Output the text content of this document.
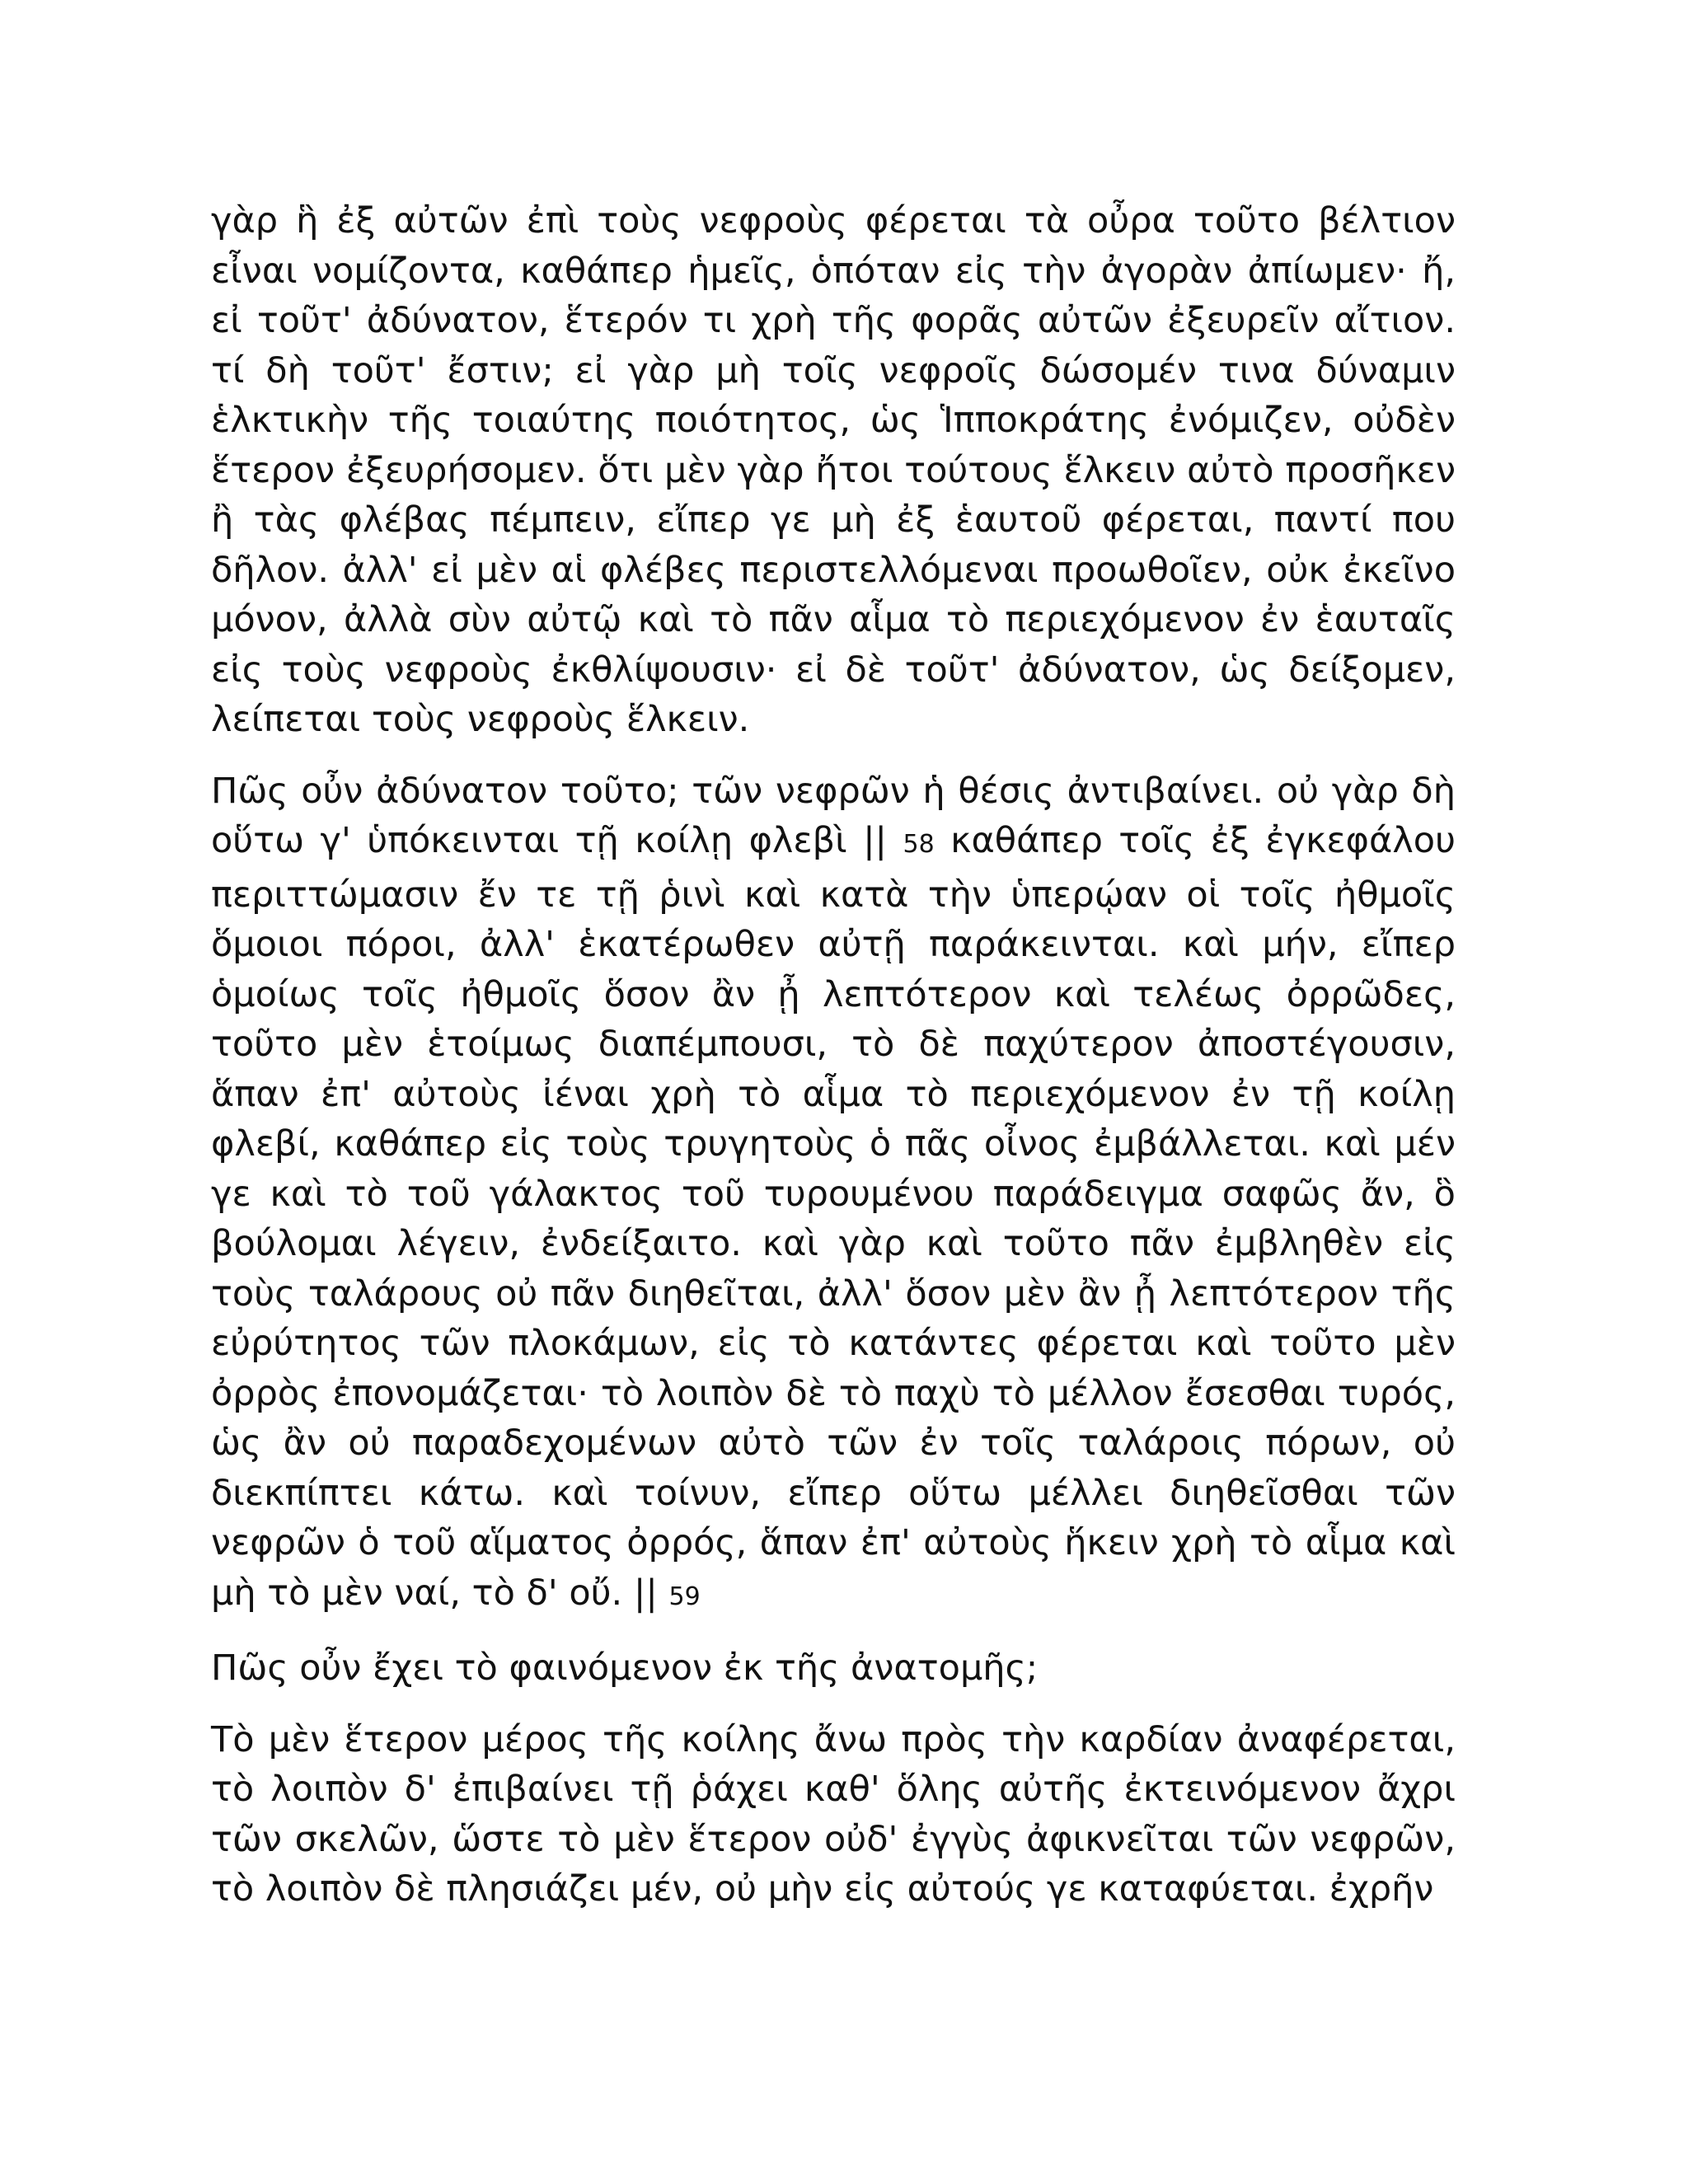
γὰρ ἣ ἐξ αὐτῶν ἐπὶ τοὺς νεφροὺς φέρεται τὰ οὖρα τοῦτο βέλτιον εἶναι νομίζοντα, καθάπερ ἡμεῖς, ὁπόταν εἰς τὴν ἀγορὰν ἀπίωμεν· ἤ, εἰ τοῦτ' ἀδύνατον, ἕτερόν τι χρὴ τῆς φορᾶς αὐτῶν ἐξευρεῖν αἴτιον. τί δὴ τοῦτ' ἔστιν; εἰ γὰρ μὴ τοῖς νεφροῖς δώσομέν τινα δύναμιν ἑλκτικὴν τῆς τοιαύτης ποιότητος, ὡς Ἱπποκράτης ἐνόμιζεν, οὐδὲν ἕτερον ἐξευρήσομεν. ὅτι μὲν γὰρ ἤτοι τούτους ἕλκειν αὐτὸ προσῆκεν ἢ τὰς φλέβας πέμπειν, εἴπερ γε μὴ ἐξ ἑαυτοῦ φέρεται, παντί που δῆλον. ἀλλ' εἰ μὲν αἱ φλέβες περιστελλόμεναι προωθοῖεν, οὐκ ἐκεῖνο μόνον, ἀλλὰ σὺν αὐτῷ καὶ τὸ πᾶν αἷμα τὸ περιεχόμενον ἐν ἑαυταῖς εἰς τοὺς νεφροὺς ἐκθλίψουσιν· εἰ δὲ τοῦτ' ἀδύνατον, ὡς δείξομεν, λείπεται τοὺς νεφροὺς ἕλκειν.

Πῶς οὖν ἀδύνατον τοῦτο; τῶν νεφρῶν ἡ θέσις ἀντιβαίνει. οὐ γὰρ δὴ οὕτω γ' ὑπόκεινται τῇ κοίλῃ φλεβὶ || 58 καθάπερ τοῖς ἐξ ἐγκεφάλου περιττώμασιν ἔν τε τῇ ῥινὶ καὶ κατὰ τὴν ὑπερῴαν οἱ τοῖς ἠθμοῖς ὅμοιοι πόροι, ἀλλ' ἑκατέρωθεν αὐτῇ παράκεινται. καὶ μήν, εἴπερ ὁμοίως τοῖς ἠθμοῖς ὅσον ἂν ᾖ λεπτότερον καὶ τελέως ὀρρῶδες, τοῦτο μὲν ἑτοίμως διαπέμπουσι, τὸ δὲ παχύτερον ἀποστέγουσιν, ἅπαν ἐπ' αὐτοὺς ἰέναι χρὴ τὸ αἷμα τὸ περιεχόμενον ἐν τῇ κοίλῃ φλεβί, καθάπερ εἰς τοὺς τρυγητοὺς ὁ πᾶς οἶνος ἐμβάλλεται. καὶ μέν γε καὶ τὸ τοῦ γάλακτος τοῦ τυρουμένου παράδειγμα σαφῶς ἄν, ὃ βούλομαι λέγειν, ἐνδείξαιτο. καὶ γὰρ καὶ τοῦτο πᾶν ἐμβληθὲν εἰς τοὺς ταλάρους οὐ πᾶν διηθεῖται, ἀλλ' ὅσον μὲν ἂν ᾖ λεπτότερον τῆς εὐρύτητος τῶν πλοκάμων, εἰς τὸ κατάντες φέρεται καὶ τοῦτο μὲν ὀρρὸς ἐπονομάζεται· τὸ λοιπὸν δὲ τὸ παχὺ τὸ μέλλον ἔσεσθαι τυρός, ὡς ἂν οὐ παραδεχομένων αὐτὸ τῶν ἐν τοῖς ταλάροις πόρων, οὐ διεκπίπτει κάτω. καὶ τοίνυν, εἴπερ οὕτω μέλλει διηθεῖσθαι τῶν νεφρῶν ὁ τοῦ αἵματος ὀρρός, ἅπαν ἐπ' αὐτοὺς ἥκειν χρὴ τὸ αἷμα καὶ μὴ τὸ μὲν ναί, τὸ δ' οὔ. || 59

Πῶς οὖν ἔχει τὸ φαινόμενον ἐκ τῆς ἀνατομῆς;

Τὸ μὲν ἕτερον μέρος τῆς κοίλης ἄνω πρὸς τὴν καρδίαν ἀναφέρεται, τὸ λοιπὸν δ' ἐπιβαίνει τῇ ῥάχει καθ' ὅλης αὐτῆς ἐκτεινόμενον ἄχρι τῶν σκελῶν, ὥστε τὸ μὲν ἕτερον οὐδ' ἐγγὺς ἀφικνεῖται τῶν νεφρῶν, τὸ λοιπὸν δὲ πλησιάζει μέν, οὐ μὴν εἰς αὐτούς γε καταφύεται. ἐχρῆν
